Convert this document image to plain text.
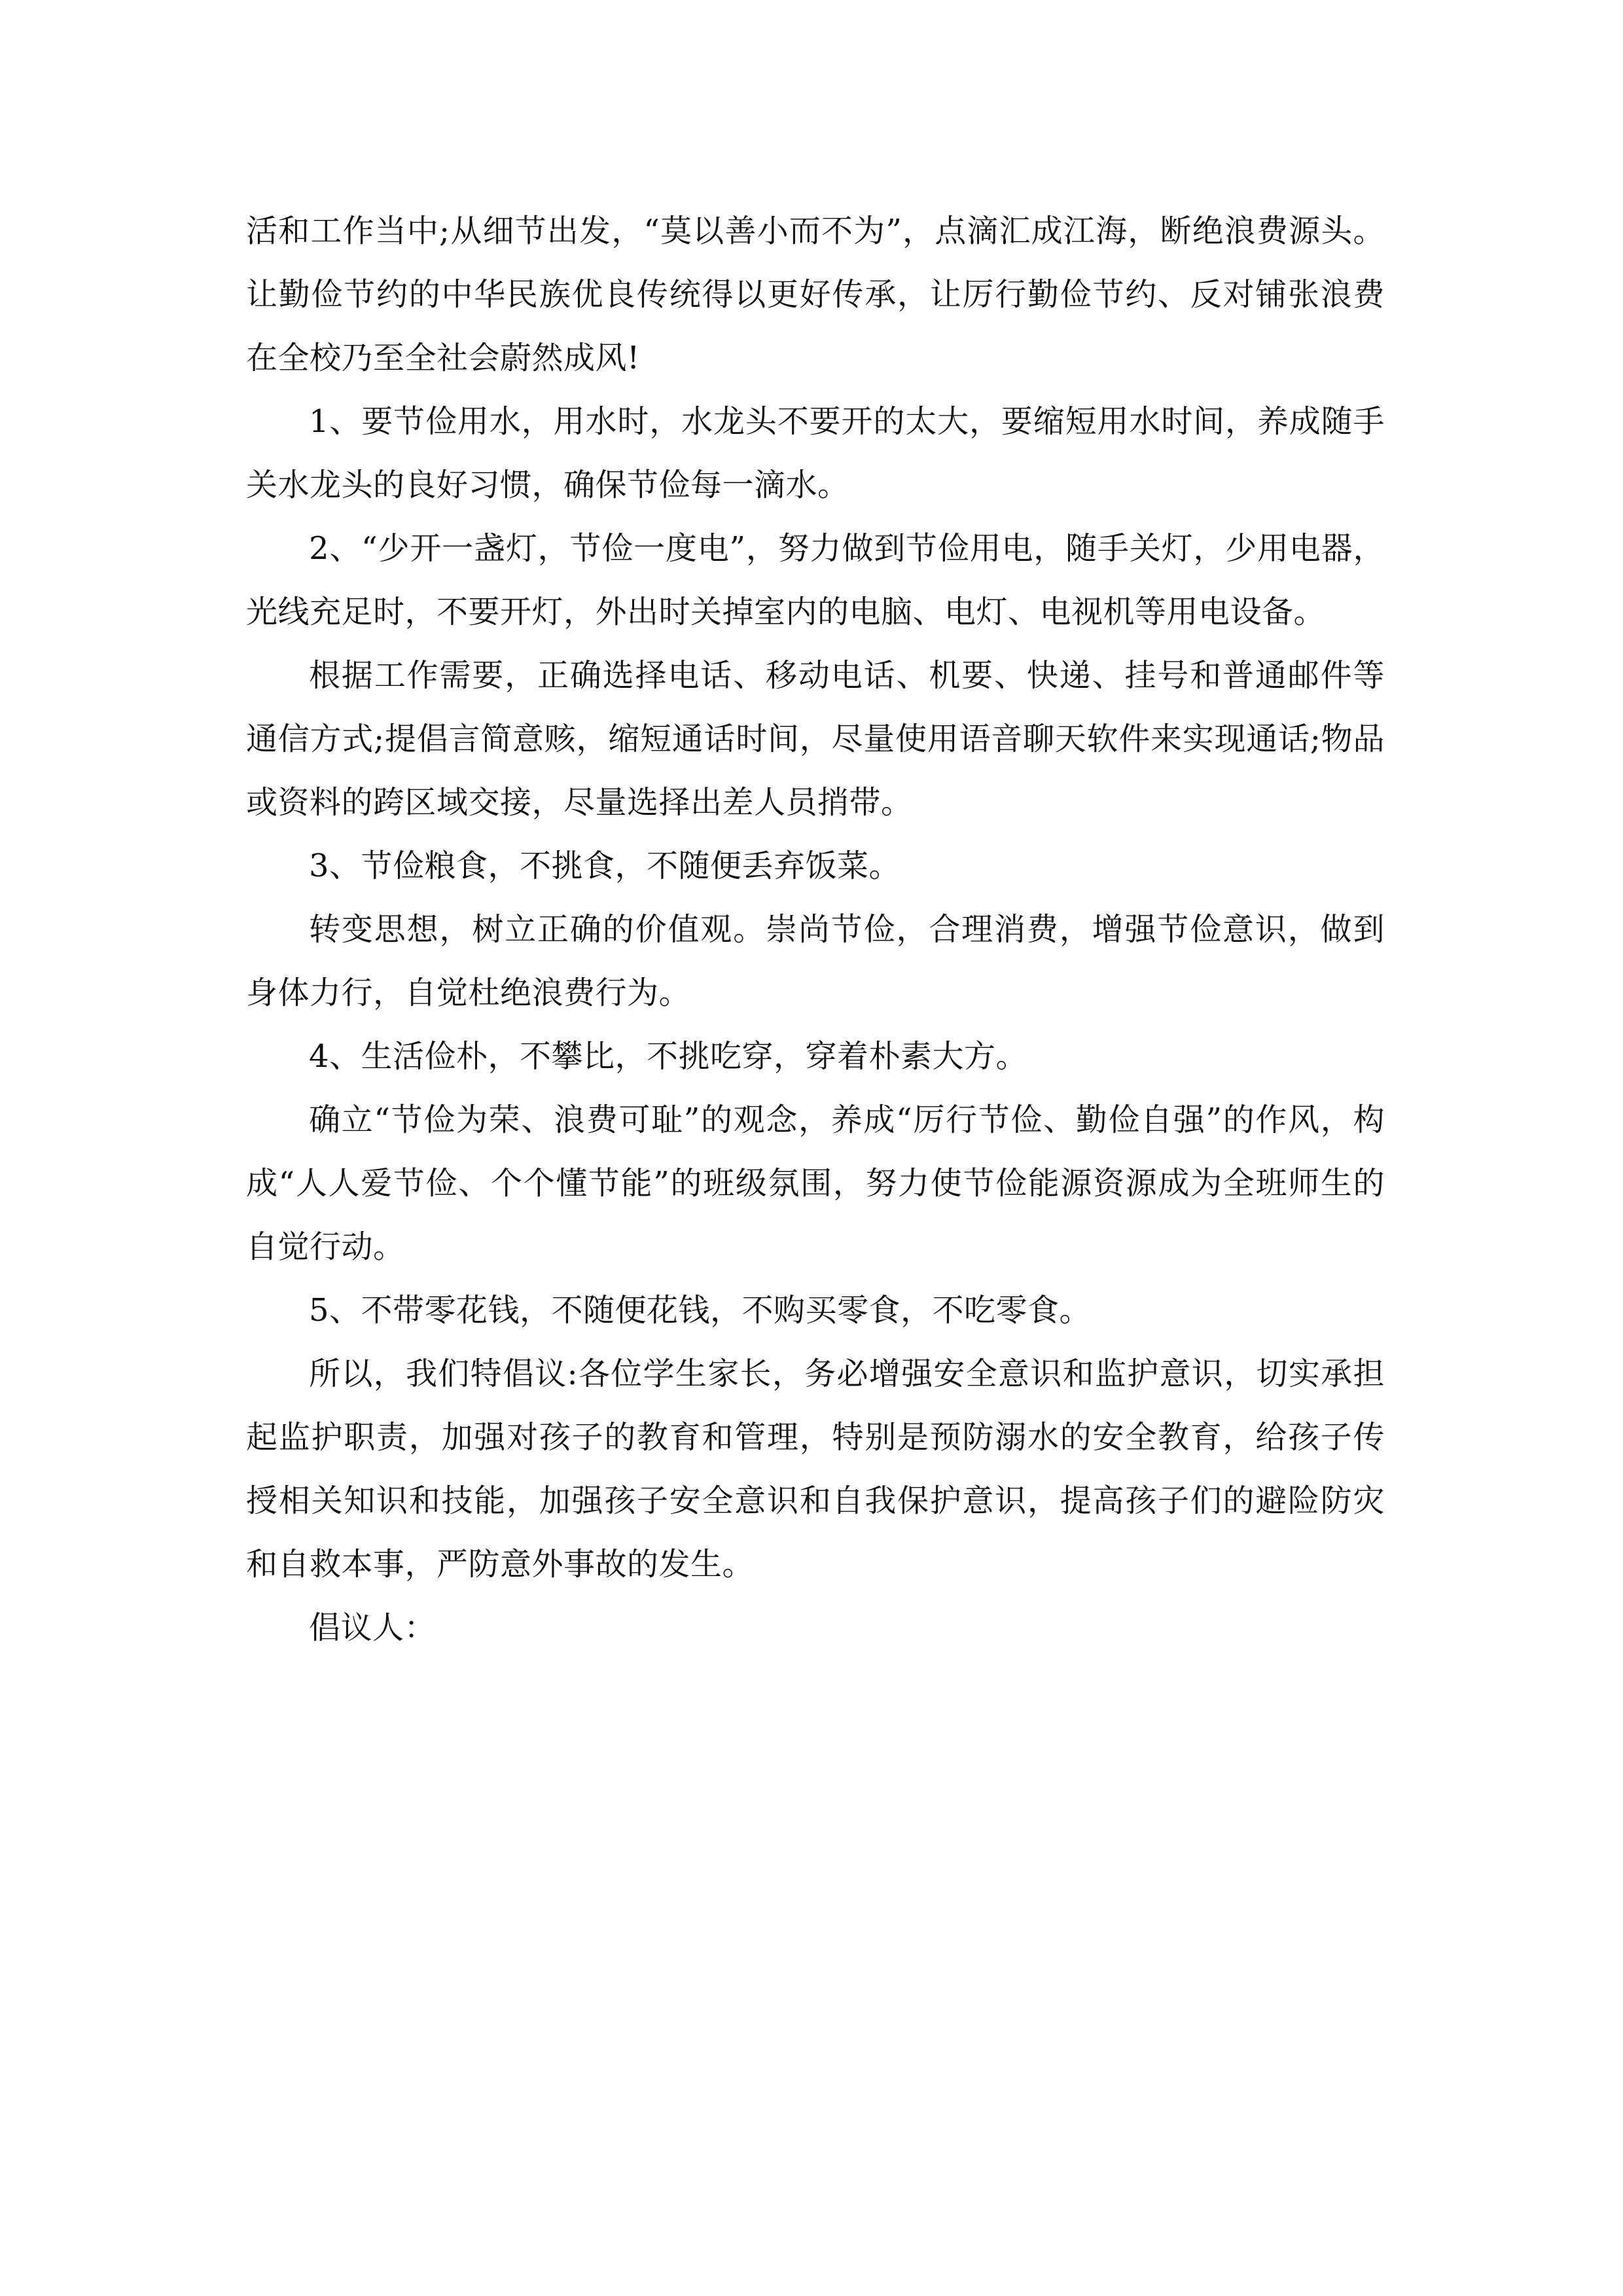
活和工作当中;从细节出发，“莫以善小而不为”，点滴汇成江海，断绝浪费源头。让勤俭节约的中华民族优良传统得以更好传承，让厉行勤俭节约、反对铺张浪费在全校乃至全社会蔚然成风!

1、要节俭用水，用水时，水龙头不要开的太大，要缩短用水时间，养成随手关水龙头的良好习惯，确保节俭每一滴水。

2、“少开一盏灯，节俭一度电”，努力做到节俭用电，随手关灯，少用电器，光线充足时，不要开灯，外出时关掉室内的电脑、电灯、电视机等用电设备。

根据工作需要，正确选择电话、移动电话、机要、快递、挂号和普通邮件等通信方式;提倡言简意赅，缩短通话时间，尽量使用语音聊天软件来实现通话;物品或资料的跨区域交接，尽量选择出差人员捎带。

3、节俭粮食，不挑食，不随便丢弃饭菜。

转变思想，树立正确的价值观。崇尚节俭，合理消费，增强节俭意识，做到身体力行，自觉杜绝浪费行为。

4、生活俭朴，不攀比，不挑吃穿，穿着朴素大方。

确立“节俭为荣、浪费可耻”的观念，养成“厉行节俭、勤俭自强”的作风，构成“人人爱节俭、个个懂节能”的班级氛围，努力使节俭能源资源成为全班师生的自觉行动。

5、不带零花钱，不随便花钱，不购买零食，不吃零食。

所以，我们特倡议:各位学生家长，务必增强安全意识和监护意识，切实承担起监护职责，加强对孩子的教育和管理，特别是预防溺水的安全教育，给孩子传授相关知识和技能，加强孩子安全意识和自我保护意识，提高孩子们的避险防灾和自救本事，严防意外事故的发生。

倡议人：
